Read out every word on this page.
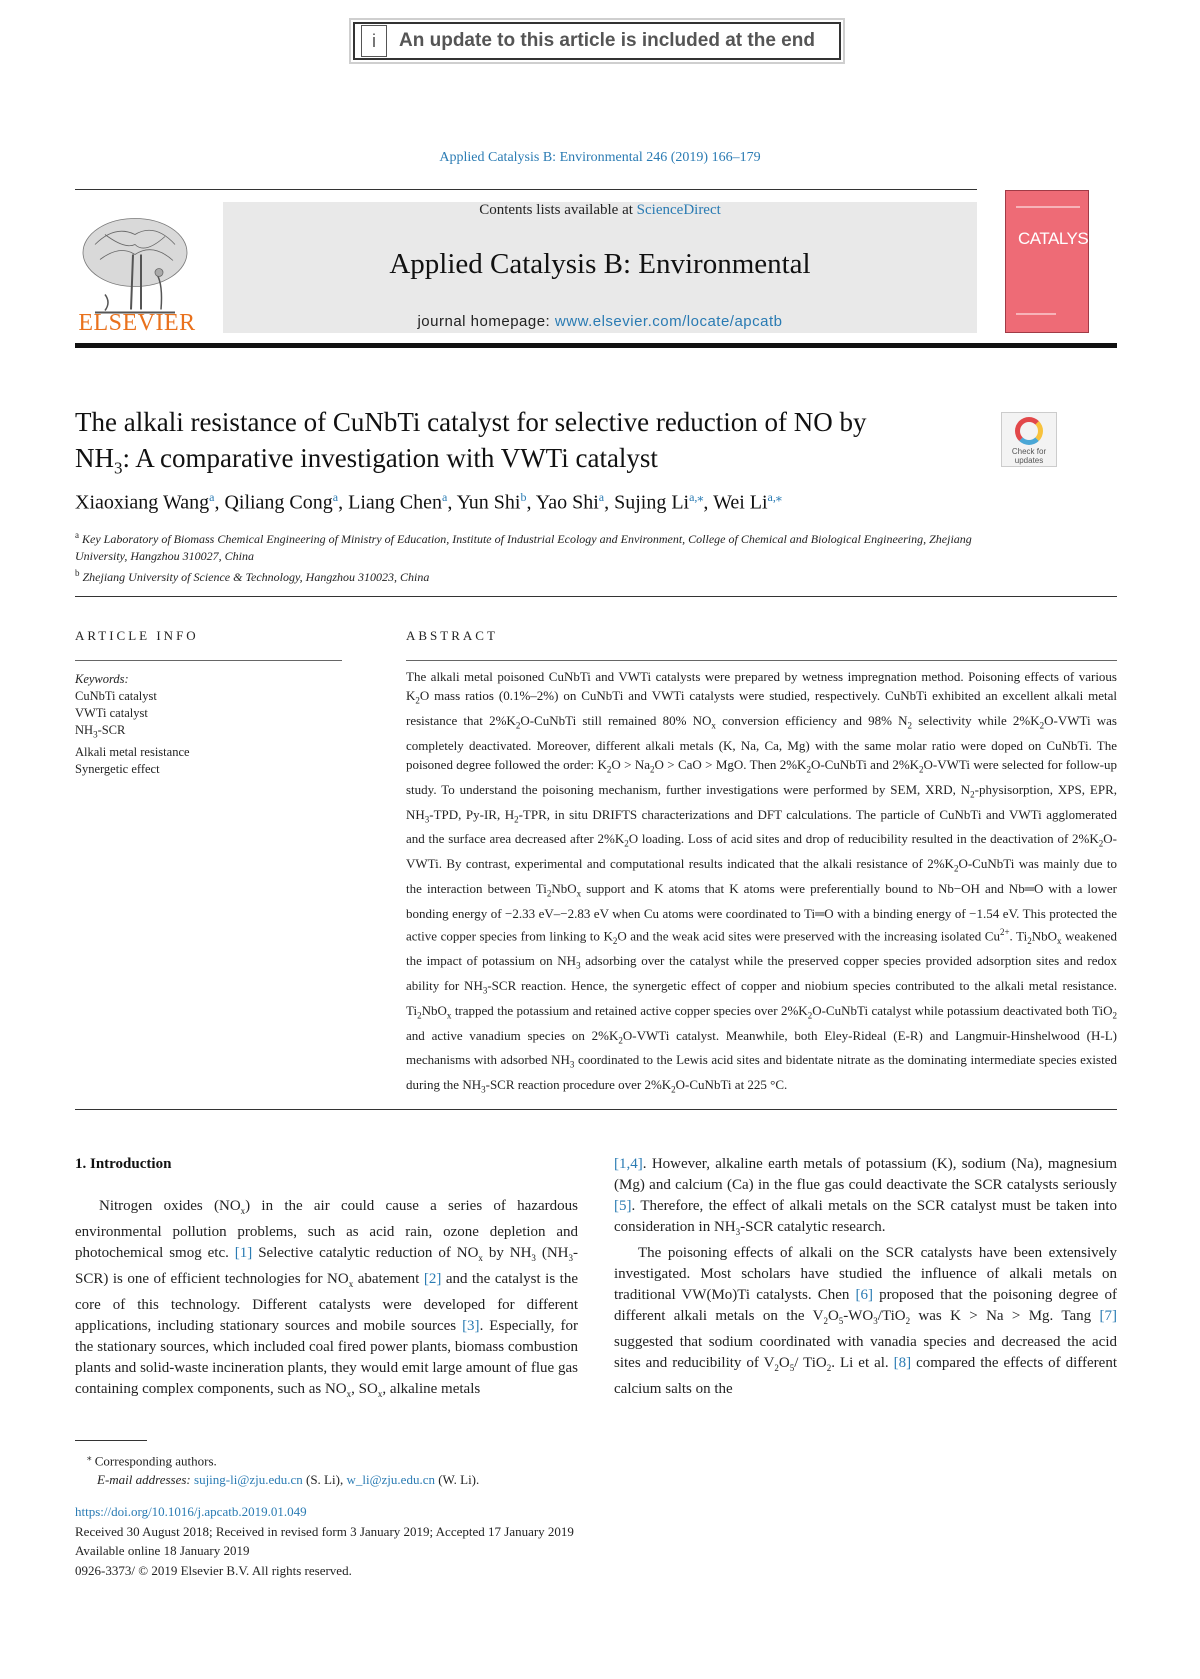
i	An update to this article is included at the end
Applied Catalysis B: Environmental 246 (2019) 166–179
ELSEVIER
Contents lists available at ScienceDirect
Applied Catalysis B: Environmental
journal homepage: www.elsevier.com/locate/apcatb
CATALYSIS
The alkali resistance of CuNbTi catalyst for selective reduction of NO by
$NH_3$: A comparative investigation with VWTi catalyst	Check for updates
Xiaoxiang Wang$^a$, Qiliang Cong$^a$, Liang Chen$^a$, Yun Shi$^b$, Yao Shi$^a$, Sujing $Li^{a,⁎}$, Wei $Li^{a,⁎}$
$^a$ Key Laboratory of Biomass Chemical Engineering of Ministry of Education, Institute of Industrial Ecology and Environment, College of Chemical and Biological Engineering, Zhejiang University, Hangzhou 310027, China
$^b$ Zhejiang University of Science & Technology, Hangzhou 310023, China
ARTICLE INFO	ABSTRACT
Keywords:
CuNbTi catalyst
VWTi catalyst
$NH_3$-SCR
Alkali metal resistance
Synergetic effect
The alkali metal poisoned CuNbTi and VWTi catalysts were prepared by wetness impregnation method. Poisoning effects of various $K_2O$ mass ratios (0.1%–2%) on CuNbTi and VWTi catalysts were studied, respectively. CuNbTi exhibited an excellent alkali metal resistance that $2\%K_2O$-CuNbTi still remained 80% $NO_x$ conversion efficiency and 98% $N_2$ selectivity while $2\%K_2O$-VWTi was completely deactivated. Moreover, different alkali metals (K, Na, Ca, Mg) with the same molar ratio were doped on CuNbTi. The poisoned degree followed the order: $K_2O > Na_2O$ > CaO > MgO. Then $2\%K_2O$-CuNbTi and $2\%K_2O$-VWTi were selected for follow-up study. To understand the poisoning mechanism, further investigations were performed by SEM, XRD, $N_2$-physisorption, XPS, EPR, $NH_3$-TPD, Py-IR, $H_2$-TPR, in situ DRIFTS characterizations and DFT calculations. The particle of CuNbTi and VWTi agglomerated and the surface area decreased after $2\%K_2O$ loading. Loss of acid sites and drop of reducibility resulted in the deactivation of $2\%K_2O$-VWTi. By contrast, experimental and computational results indicated that the alkali resistance of $2\%K_2O$-CuNbTi was mainly due to the interaction between $Ti_2NbO_x$ support and K atoms that K atoms were preferentially bound to Nb−OH and Nb═O with a lower bonding energy of −2.33 eV–−2.83 eV when Cu atoms were coordinated to Ti═O with a binding energy of −1.54 eV. This protected the active copper species from linking to $K_2O$ and the weak acid sites were preserved with the increasing isolated $Cu^{2+}$. $Ti_2NbO_x$ weakened the impact of potassium on $NH_3$ adsorbing over the catalyst while the preserved copper species provided adsorption sites and redox ability for $NH_3$-SCR reaction. Hence, the synergetic effect of copper and niobium species contributed to the alkali metal resistance. $Ti_2NbO_x$ trapped the potassium and retained active copper species over $2\%K_2O$-CuNbTi catalyst while potassium deactivated both TiO$_2$ and active vanadium species on $2\%K_2O$-VWTi catalyst. Meanwhile, both Eley-Rideal (E-R) and Langmuir-Hinshelwood (H-L) mechanisms with adsorbed $NH_3$ coordinated to the Lewis acid sites and bidentate nitrate as the dominating intermediate species existed during the $NH_3$-SCR reaction procedure over $2\%K_2O$-CuNbTi at 225 °C.
1. Introduction
Nitrogen oxides $(NO_x)$ in the air could cause a series of hazardous environmental pollution problems, such as acid rain, ozone depletion and photochemical smog etc. [1] Selective catalytic reduction of $NO_x$ by $NH_3$ $(NH_3-SCR)$ is one of efficient technologies for $NO_x$ abatement [2] and the catalyst is the core of this technology. Different catalysts were developed for different applications, including stationary sources and mobile sources [3]. Especially, for the stationary sources, which included coal fired power plants, biomass combustion plants and solid-waste incineration plants, they would emit large amount of flue gas containing complex components, such as $NO_x$, $SO_x$, alkaline metals
[1,4]. However, alkaline earth metals of potassium (K), sodium (Na), magnesium (Mg) and calcium (Ca) in the flue gas could deactivate the SCR catalysts seriously [5]. Therefore, the effect of alkali metals on the SCR catalyst must be taken into consideration in $NH_3$-SCR catalytic research.
The poisoning effects of alkali on the SCR catalysts have been extensively investigated. Most scholars have studied the influence of alkali metals on traditional VW(Mo)Ti catalysts. Chen [6] proposed that the poisoning degree of different alkali metals on the $V_2O_5-WO_3/TiO_2$ was K > Na > Mg. Tang [7] suggested that sodium coordinated with vanadia species and decreased the acid sites and reducibility of $V_2O_5/$ TiO$_2$. Li et al. [8] compared the effects of different calcium salts on the
⁎ Corresponding authors.
E-mail addresses: sujing-li@zju.edu.cn (S. Li), w_li@zju.edu.cn (W. Li).
https://doi.org/10.1016/j.apcatb.2019.01.049
Received 30 August 2018; Received in revised form 3 January 2019; Accepted 17 January 2019
Available online 18 January 2019
0926-3373/ © 2019 Elsevier B.V. All rights reserved.
